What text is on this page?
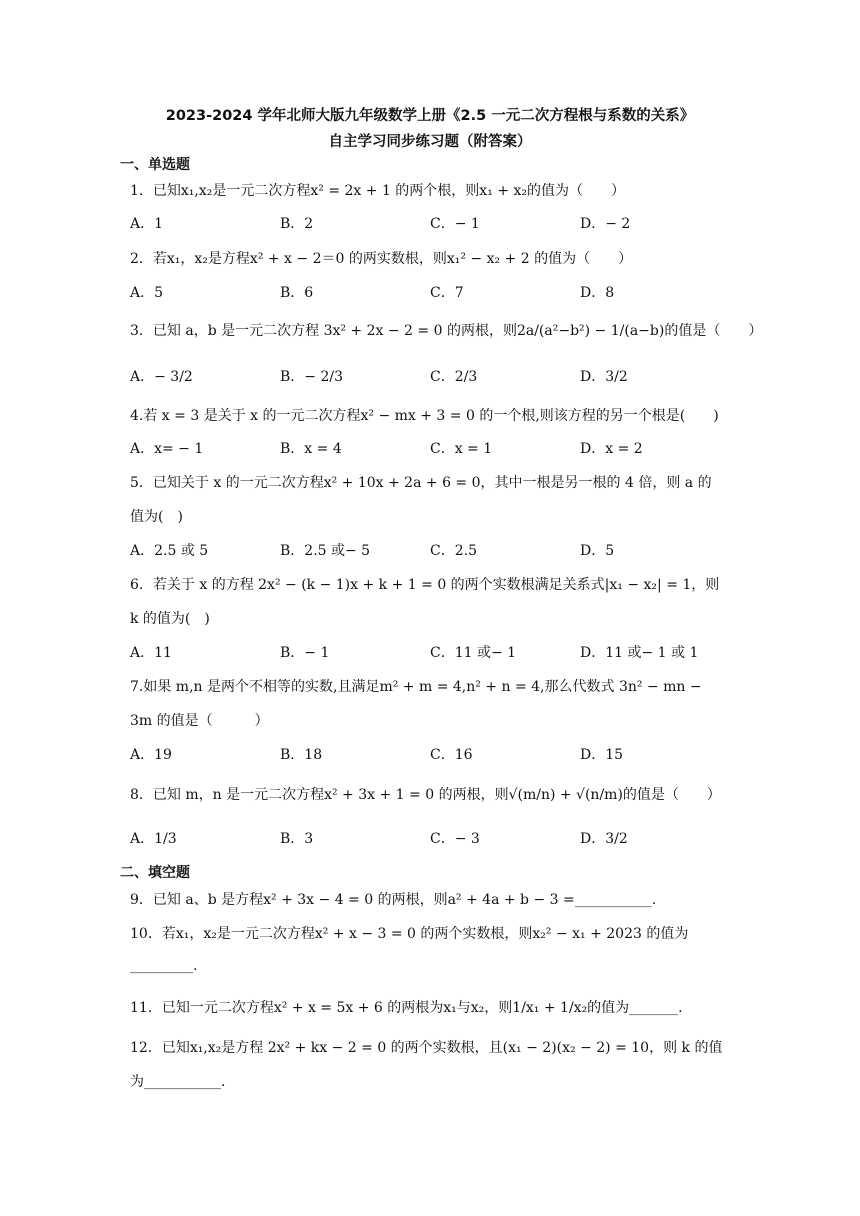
2023-2024 学年北师大版九年级数学上册《2.5 一元二次方程根与系数的关系》
自主学习同步练习题（附答案）
一、单选题
1．已知x₁,x₂是一元二次方程x² = 2x + 1 的两个根，则x₁ + x₂的值为（　　）
A．1	B．2	C．− 1	D．− 2
2．若x₁，x₂是方程x² + x − 2＝0 的两实数根，则x₁² − x₂ + 2 的值为（　　）
A．5	B．6	C．7	D．8
3．已知 a，b 是一元二次方程 3x² + 2x − 2 = 0 的两根，则2a/(a²−b²) − 1/(a−b)的值是（　　）
A．− 3/2	B．− 2/3	C．2/3	D．3/2
4.若 x = 3 是关于 x 的一元二次方程x² − mx + 3 = 0 的一个根,则该方程的另一个根是(　　)
A．x= − 1	B．x = 4	C．x = 1	D．x = 2
5．已知关于 x 的一元二次方程x² + 10x + 2a + 6 = 0，其中一根是另一根的 4 倍，则 a 的
值为(　)
A．2.5 或 5	B．2.5 或− 5	C．2.5	D．5
6．若关于 x 的方程 2x² − (k − 1)x + k + 1 = 0 的两个实数根满足关系式|x₁ − x₂| = 1，则
k 的值为(　)
A．11	B．− 1	C．11 或− 1	D．11 或− 1 或 1
7.如果 m,n 是两个不相等的实数,且满足m² + m = 4,n² + n = 4,那么代数式 3n² − mn −
3m 的值是（　　　）
A．19	B．18	C．16	D．15
8．已知 m，n 是一元二次方程x² + 3x + 1 = 0 的两根，则√(m/n) + √(n/m)的值是（　　）
A．1/3	B．3	C．− 3	D．3/2
二、填空题
9．已知 a、b 是方程x² + 3x − 4 = 0 的两根，则a² + 4a + b − 3 =___________.
10．若x₁，x₂是一元二次方程x² + x − 3 = 0 的两个实数根，则x₂² − x₁ + 2023 的值为
_________.
11．已知一元二次方程x² + x = 5x + 6 的两根为x₁与x₂，则1/x₁ + 1/x₂的值为_______.
12．已知x₁,x₂是方程 2x² + kx − 2 = 0 的两个实数根，且(x₁ − 2)(x₂ − 2) = 10，则 k 的值
为___________.
